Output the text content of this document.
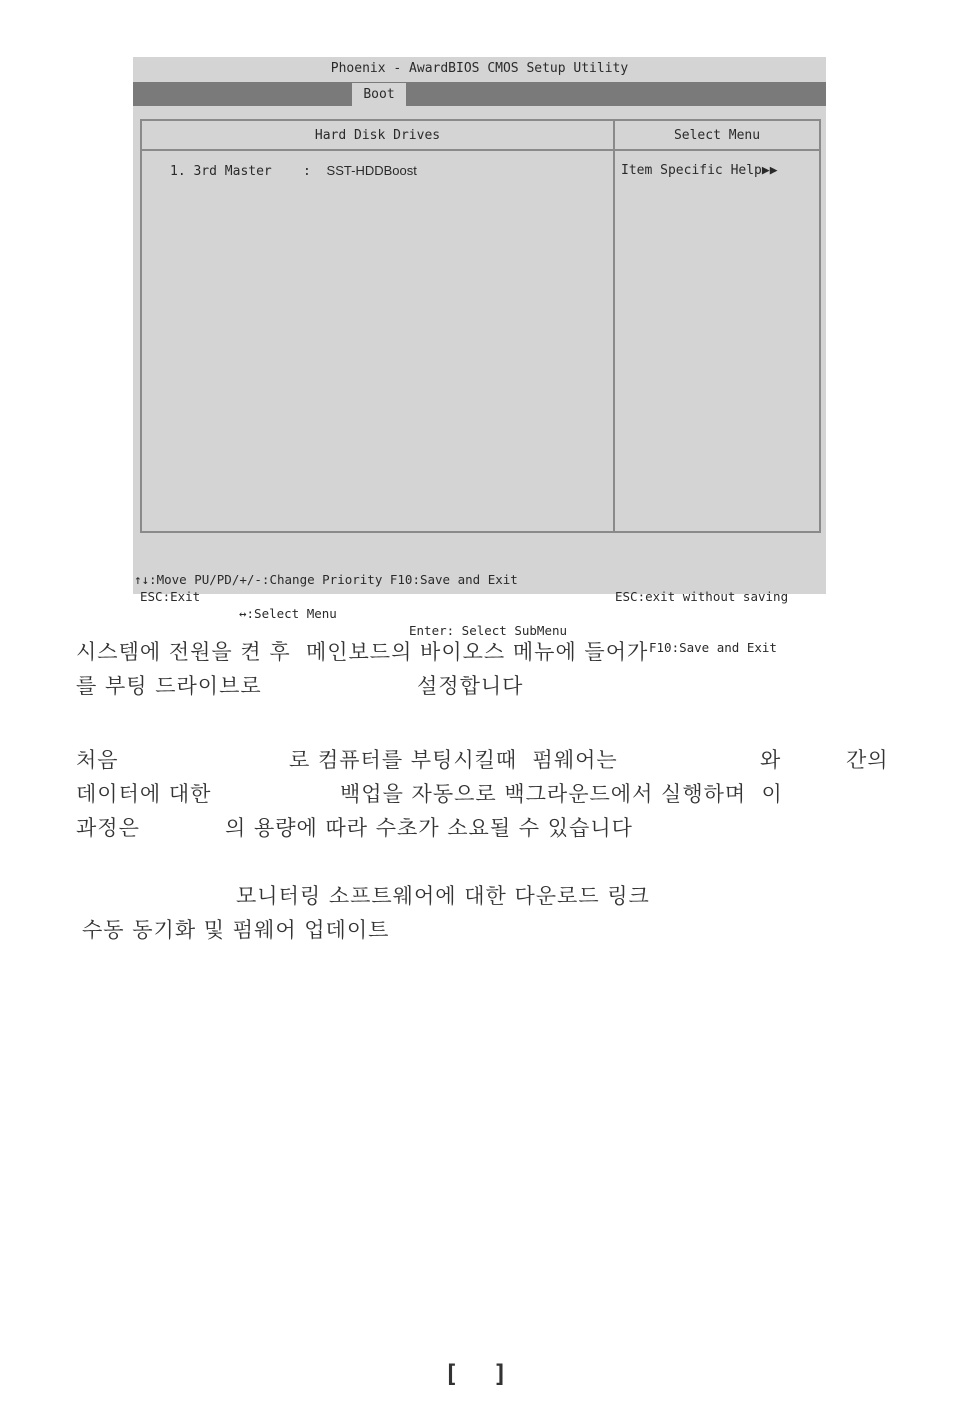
Phoenix - AwardBIOS CMOS Setup Utility
Boot
Hard Disk Drives
1. 3rd Master    : SST-HDDBoost
Select Menu
Item Specific Help▶▶

↑↓:Move PU/PD/+/-:Change Priority F10:Save and Exit

ESC:exit without saving

ESC:Exit

↔:Select Menu

Enter: Select SubMenu

F10:Save and Exit

시스템에 전원을 켠 후  메인보드의 바이오스 메뉴에 들어가
를 부팅 드라이브로	설정합니다
처음	로 컴퓨터를 부팅시킬때  펌웨어는	와	간의
데이터에 대한	백업을 자동으로 백그라운드에서 실행하며  이
과정은	의 용량에 따라 수초가 소요될 수 있습니다
모니터링 소프트웨어에 대한 다운로드 링크
수동 동기화 및 펌웨어 업데이트
[ ]
